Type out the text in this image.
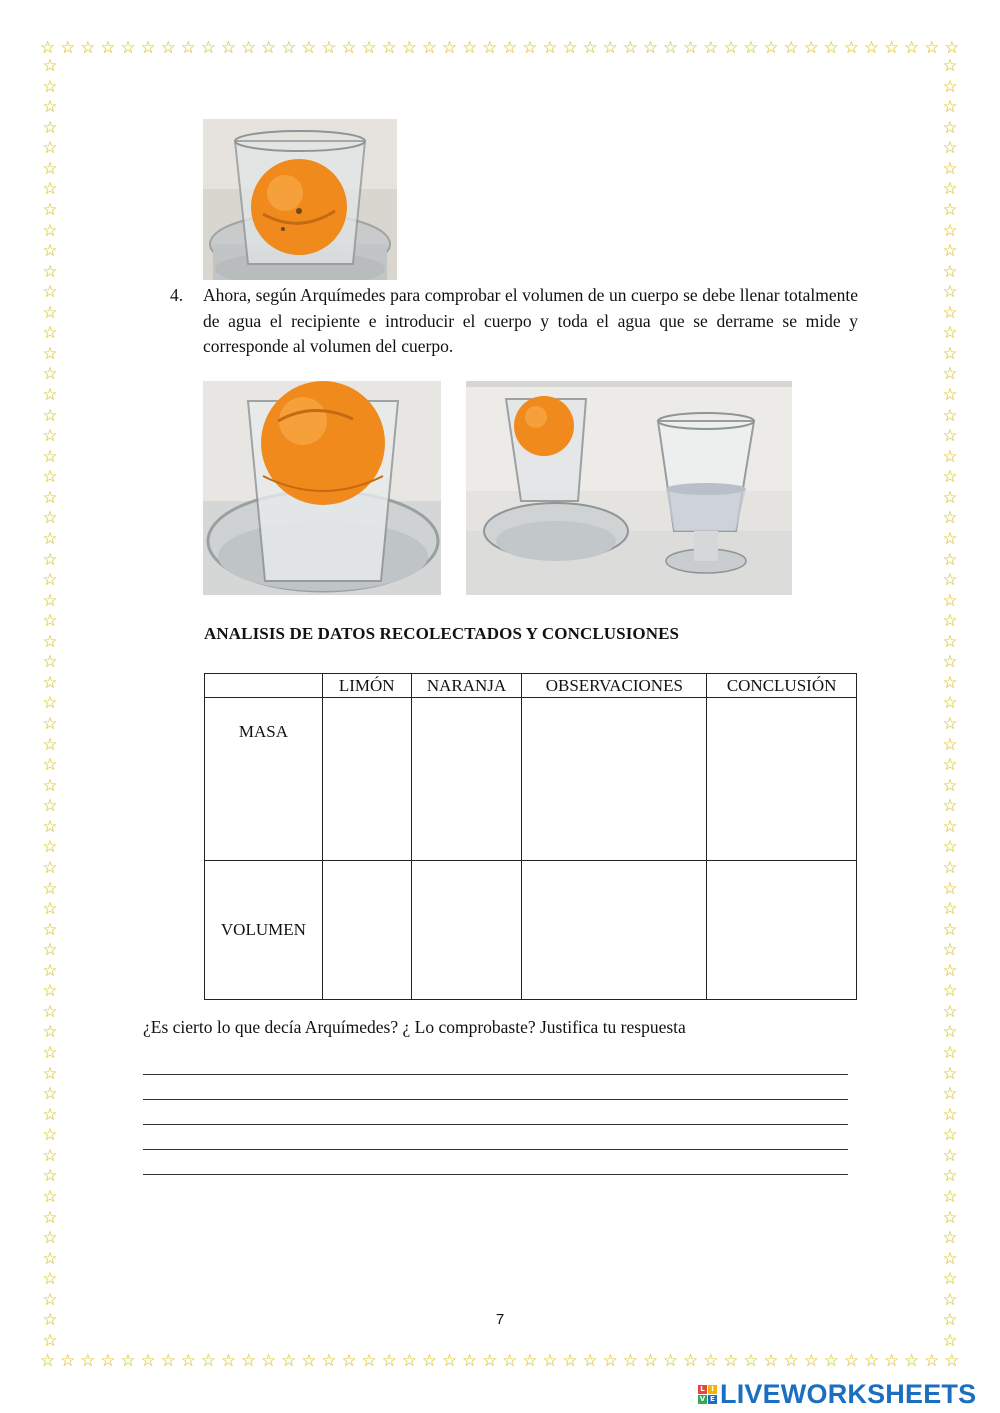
☆ ☆ ☆ ☆ ☆ ☆ ☆ ☆ ☆ ☆ ☆ ☆ ☆ ☆ ☆ ☆ ☆ ☆ ☆ ☆ ☆ ☆ ☆ ☆ ☆ ☆ ☆ ☆ ☆ ☆ ☆ ☆ ☆ ☆ ☆ ☆ ☆ ☆ ☆ ☆ ☆ ☆ ☆ ☆ ☆ ☆
☆ ☆ ☆ ☆ ☆ ☆ ☆ ☆ ☆ ☆ ☆ ☆ ☆ ☆ ☆ ☆ ☆ ☆ ☆ ☆ ☆ ☆ ☆ ☆ ☆ ☆ ☆ ☆ ☆ ☆ ☆ ☆ ☆ ☆ ☆ ☆ ☆ ☆ ☆ ☆ ☆ ☆ ☆ ☆ ☆ ☆
☆
☆
☆
☆
☆
☆
☆
☆
☆
☆
☆
☆
☆
☆
☆
☆
☆
☆
☆
☆
☆
☆
☆
☆
☆
☆
☆
☆
☆
☆
☆
☆
☆
☆
☆
☆
☆
☆
☆
☆
☆
☆
☆
☆
☆
☆
☆
☆
☆
☆
☆
☆
☆
☆
☆
☆
☆
☆
☆
☆
☆
☆
☆
☆
☆
☆
☆
☆
☆
☆
☆
☆
☆
☆
☆
☆
☆
☆
☆
☆
☆
☆
☆
☆
☆
☆
☆
☆
☆
☆
☆
☆
☆
☆
☆
☆
☆
☆
☆
☆
☆
☆
☆
☆
☆
☆
☆
☆
☆
☆
☆
☆
☆
☆
☆
☆
☆
☆
☆
☆
☆
☆
☆
☆
☆
☆
4.	Ahora, según Arquímedes para comprobar el volumen de un cuerpo se debe llenar totalmente de agua el recipiente e introducir el cuerpo y toda el agua que se derrame se mide y corresponde al volumen del cuerpo.
ANALISIS DE DATOS RECOLECTADOS Y CONCLUSIONES
	LIMÓN	NARANJA	OBSERVACIONES	CONCLUSIÓN
MASA				
VOLUMEN				
¿Es cierto lo que decía Arquímedes? ¿ Lo comprobaste? Justifica tu respuesta
7
L I
V E LIVEWORKSHEETS
